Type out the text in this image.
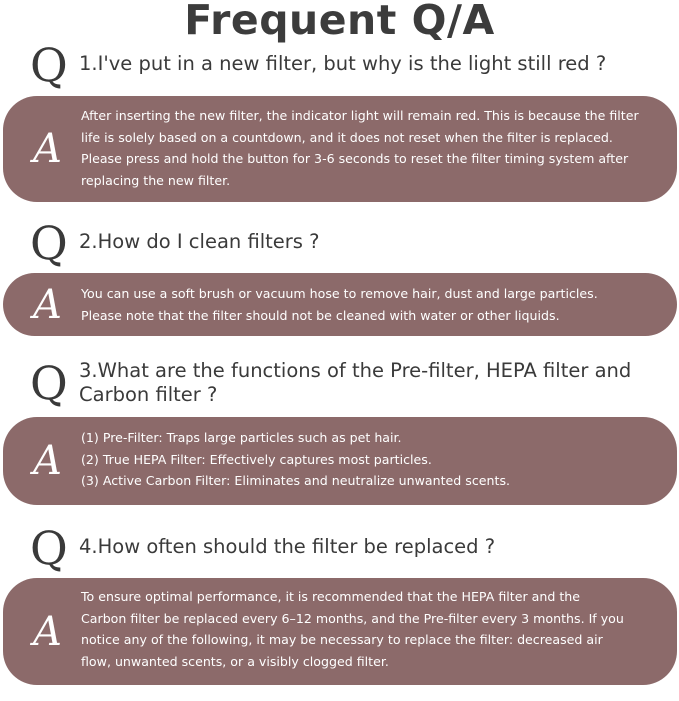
Frequent Q/A
Q 1.I've put in a new filter, but why is the light still red ?
A
After inserting the new filter, the indicator light will remain red. This is because the filter
life is solely based on a countdown, and it does not reset when the filter is replaced.
Please press and hold the button for 3-6 seconds to reset the filter timing system after
replacing the new filter.
Q 2.How do I clean filters ?
A You can use a soft brush or vacuum hose to remove hair, dust and large particles.
Please note that the filter should not be cleaned with water or other liquids.
Q 3.What are the functions of the Pre-filter, HEPA filter and Carbon filter ?
A
(1) Pre-Filter: Traps large particles such as pet hair.
(2) True HEPA Filter: Effectively captures most particles.
(3) Active Carbon Filter: Eliminates and neutralize unwanted scents.
Q 4.How often should the filter be replaced ?
A
To ensure optimal performance, it is recommended that the HEPA filter and the
Carbon filter be replaced every 6–12 months, and the Pre-filter every 3 months. If you
notice any of the following, it may be necessary to replace the filter: decreased air
flow, unwanted scents, or a visibly clogged filter.
